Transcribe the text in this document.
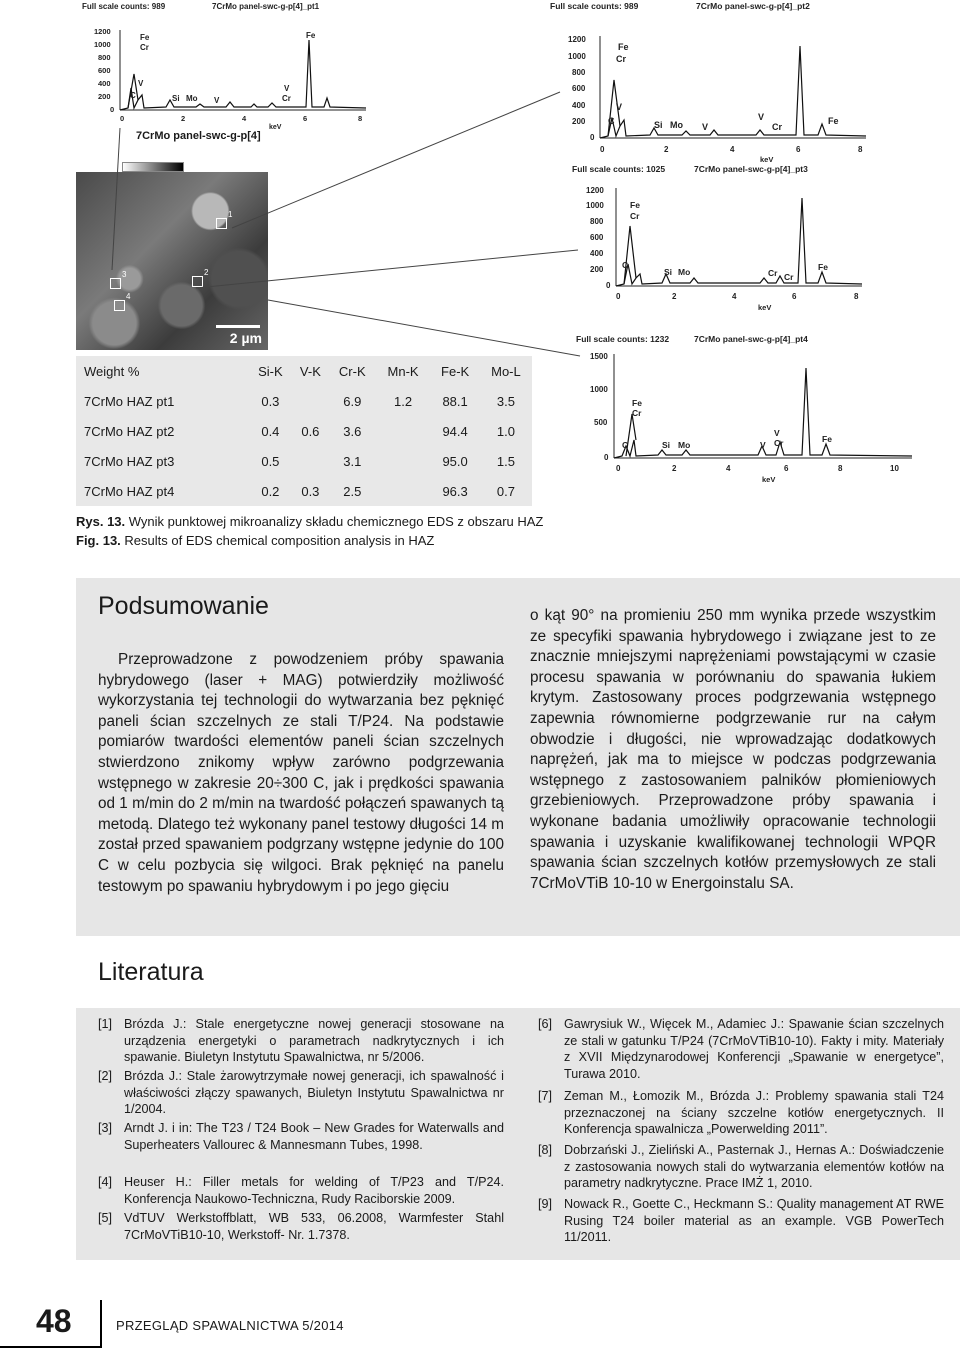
Full scale counts: 989	7CrMo panel-swc-g-p[4]_pt1
1200
1000
800
600
400
200
0
0	2	4	6	8
keV
Fe
Cr
V
C	Si Mo V
V
Cr
Fe
Full scale counts: 989	7CrMo panel-swc-g-p[4]_pt2
1200
1000
800
600
400
200
0
0	2	4	6	8
keV
Fe
Cr
V
C	Si Mo V
V
Cr
Fe
Full scale counts: 1025	7CrMo panel-swc-g-p[4]_pt3
1200
1000
800
600
400
200
0
0	2	4	6	8
keV
Fe
Cr
C
Si Mo	Cr Cr
Fe
Full scale counts: 1232	7CrMo panel-swc-g-p[4]_pt4
1500
1000
500
0
0	2	4	6	8	10
keV
Fe
Cr
C	Si Mo
V
Cr
V
Fe
7CrMo panel-swc-g-p[4]
1
2
3
4
2 µm
Weight %	Si-K	V-K	Cr-K	Mn-K	Fe-K	Mo-L
7CrMo HAZ pt1	0.3		6.9	1.2	88.1	3.5
7CrMo HAZ pt2	0.4	0.6	3.6		94.4	1.0
7CrMo HAZ pt3	0.5		3.1		95.0	1.5
7CrMo HAZ pt4	0.2	0.3	2.5		96.3	0.7
Rys. 13. Wynik punktowej mikroanalizy składu chemicznego EDS z obszaru HAZ
Fig. 13. Results of EDS chemical composition analysis in HAZ
Podsumowanie
Przeprowadzone z powodzeniem próby spawania hybrydowego (laser + MAG) potwierdziły możliwość wykorzystania tej technologii do wytwarzania bez pęknięć paneli ścian szczelnych ze stali T/P24. Na podstawie pomiarów twardości elementów paneli ścian szczelnych stwierdzono znikomy wpływ zarówno podgrzewania wstępnego w zakresie 20÷300 C, jak i prędkości spawania od 1 m/min do 2 m/min na twardość połączeń spawanych tą metodą. Dlatego też wykonany panel testowy długości 14 m został przed spawaniem podgrzany wstępne jedynie do 100 C w celu pozbycia się wilgoci. Brak pęknięć na panelu testowym po spawaniu hybrydowym i po jego gięciu
o kąt 90° na promieniu 250 mm wynika przede wszystkim ze specyfiki spawania hybrydowego i związane jest to ze znacznie mniejszymi naprężeniami powstającymi w czasie procesu spawania w porównaniu do spawania łukiem krytym. Zastosowany proces podgrzewania wstępnego zapewnia równomierne podgrzewanie rur na całym obwodzie i długości, nie wprowadzając dodatkowych naprężeń, jak ma to miejsce w podczas podgrzewania wstępnego z zastosowaniem palników płomieniowych grzebieniowych. Przeprowadzone próby spawania i wykonane badania umożliwiły opracowanie technologii spawania i uzyskanie kwalifikowanej technologii WPQR spawania ścian szczelnych kotłów przemysłowych ze stali 7CrMoVTiB 10-10 w Energoinstalu SA.
Literatura
[1] Brózda J.: Stale energetyczne nowej generacji stosowane na urządzenia energetyki o parametrach nadkrytycznych i ich spawanie. Biuletyn Instytutu Spawalnictwa, nr 5/2006.
[2] Brózda J.: Stale żarowytrzymałe nowej generacji, ich spawalność i właściwości złączy spawanych, Biuletyn Instytutu Spawalnictwa nr 1/2004.
[3] Arndt J. i in: The T23 / T24 Book – New Grades for Waterwalls and Superheaters Vallourec & Mannesmann Tubes, 1998.
[4] Heuser H.: Filler metals for welding of T/P23 and T/P24. Konferencja Naukowo-Techniczna, Rudy Raciborskie 2009.
[5] VdTUV Werkstoffblatt, WB 533, 06.2008, Warmfester Stahl 7CrMoVTiB10-10, Werkstoff- Nr. 1.7378.
[6] Gawrysiuk W., Więcek M., Adamiec J.: Spawanie ścian szczelnych ze stali w gatunku T/P24 (7CrMoVTiB10-10). Fakty i mity. Materiały z XVII Międzynarodowej Konferencji „Spawanie w energetyce”, Turawa 2010.
[7] Zeman M., Łomozik M., Brózda J.: Problemy spawania stali T24 przeznaczonej na ściany szczelne kotłów energetycznych. II Konferencja spawalnicza „Powerwelding 2011”.
[8] Dobrzański J., Zieliński A., Pasternak J., Hernas A.: Doświadczenie z zastosowania nowych stali do wytwarzania elementów kotłów na parametry nadkrytyczne. Prace IMŻ 1, 2010.
[9] Nowack R., Goette C., Heckmann S.: Quality management AT RWE Rusing T24 boiler material as an example. VGB PowerTech 11/2011.
48	PRZEGLĄD SPAWALNICTWA 5/2014
